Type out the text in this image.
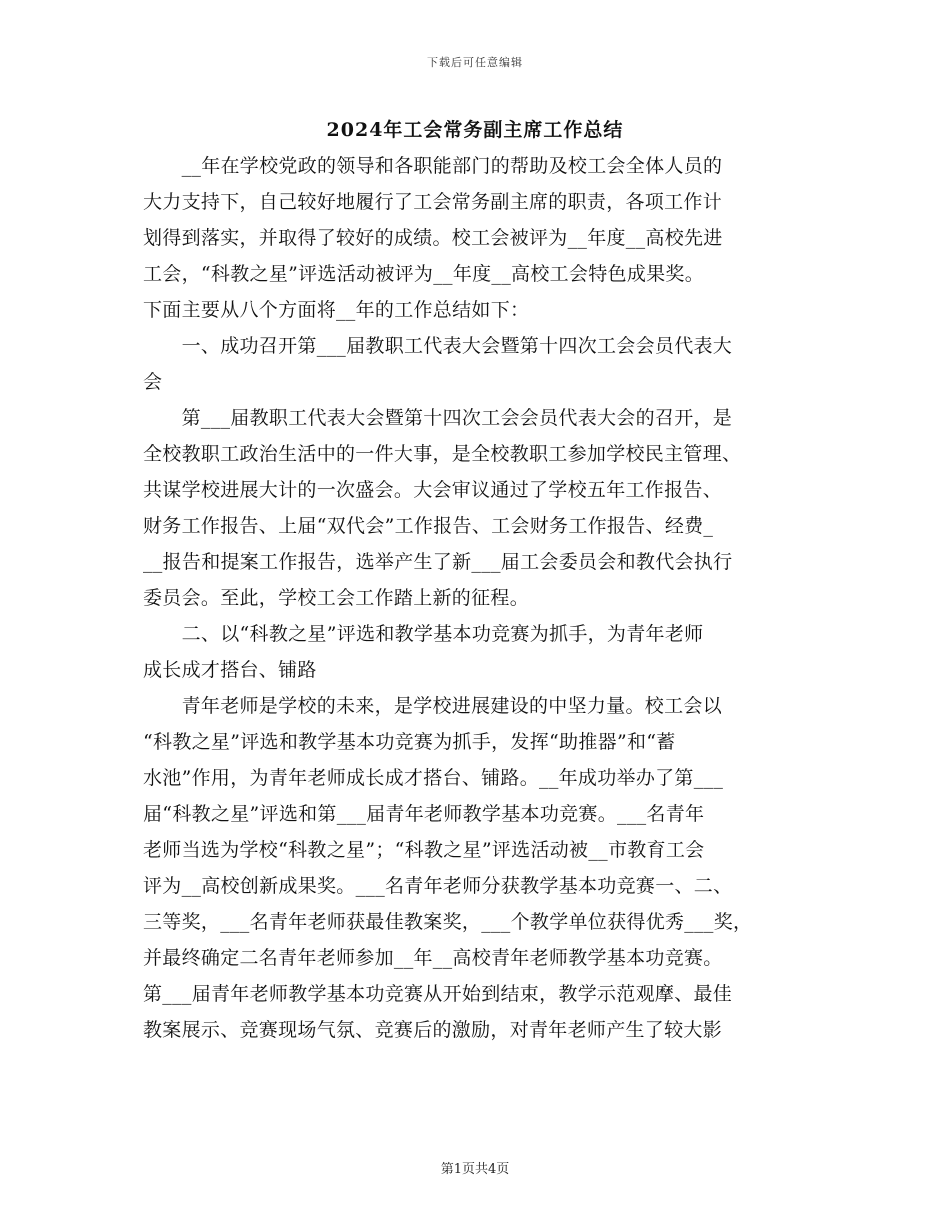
下载后可任意编辑
2024年工会常务副主席工作总结
　　__年在学校党政的领导和各职能部门的帮助及校工会全体人员的
大力支持下，自己较好地履行了工会常务副主席的职责，各项工作计
划得到落实，并取得了较好的成绩。校工会被评为__年度__高校先进
工会，“科教之星”评选活动被评为__年度__高校工会特色成果奖。
下面主要从八个方面将__年的工作总结如下：
　　一、成功召开第___届教职工代表大会暨第十四次工会会员代表大
会
　　第___届教职工代表大会暨第十四次工会会员代表大会的召开，是
全校教职工政治生活中的一件大事，是全校教职工参加学校民主管理、
共谋学校进展大计的一次盛会。大会审议通过了学校五年工作报告、
财务工作报告、上届“双代会”工作报告、工会财务工作报告、经费_
__报告和提案工作报告，选举产生了新___届工会委员会和教代会执行
委员会。至此，学校工会工作踏上新的征程。
　　二、以“科教之星”评选和教学基本功竞赛为抓手，为青年老师
成长成才搭台、铺路
　　青年老师是学校的未来，是学校进展建设的中坚力量。校工会以
“科教之星”评选和教学基本功竞赛为抓手，发挥“助推器”和“蓄
水池”作用，为青年老师成长成才搭台、铺路。__年成功举办了第___
届“科教之星”评选和第___届青年老师教学基本功竞赛。___名青年
老师当选为学校“科教之星”；“科教之星”评选活动被__市教育工会
评为__高校创新成果奖。___名青年老师分获教学基本功竞赛一、二、
三等奖，___名青年老师获最佳教案奖，___个教学单位获得优秀___奖，
并最终确定二名青年老师参加__年__高校青年老师教学基本功竞赛。
第___届青年老师教学基本功竞赛从开始到结束，教学示范观摩、最佳
教案展示、竞赛现场气氛、竞赛后的激励，对青年老师产生了较大影
第1页共4页
